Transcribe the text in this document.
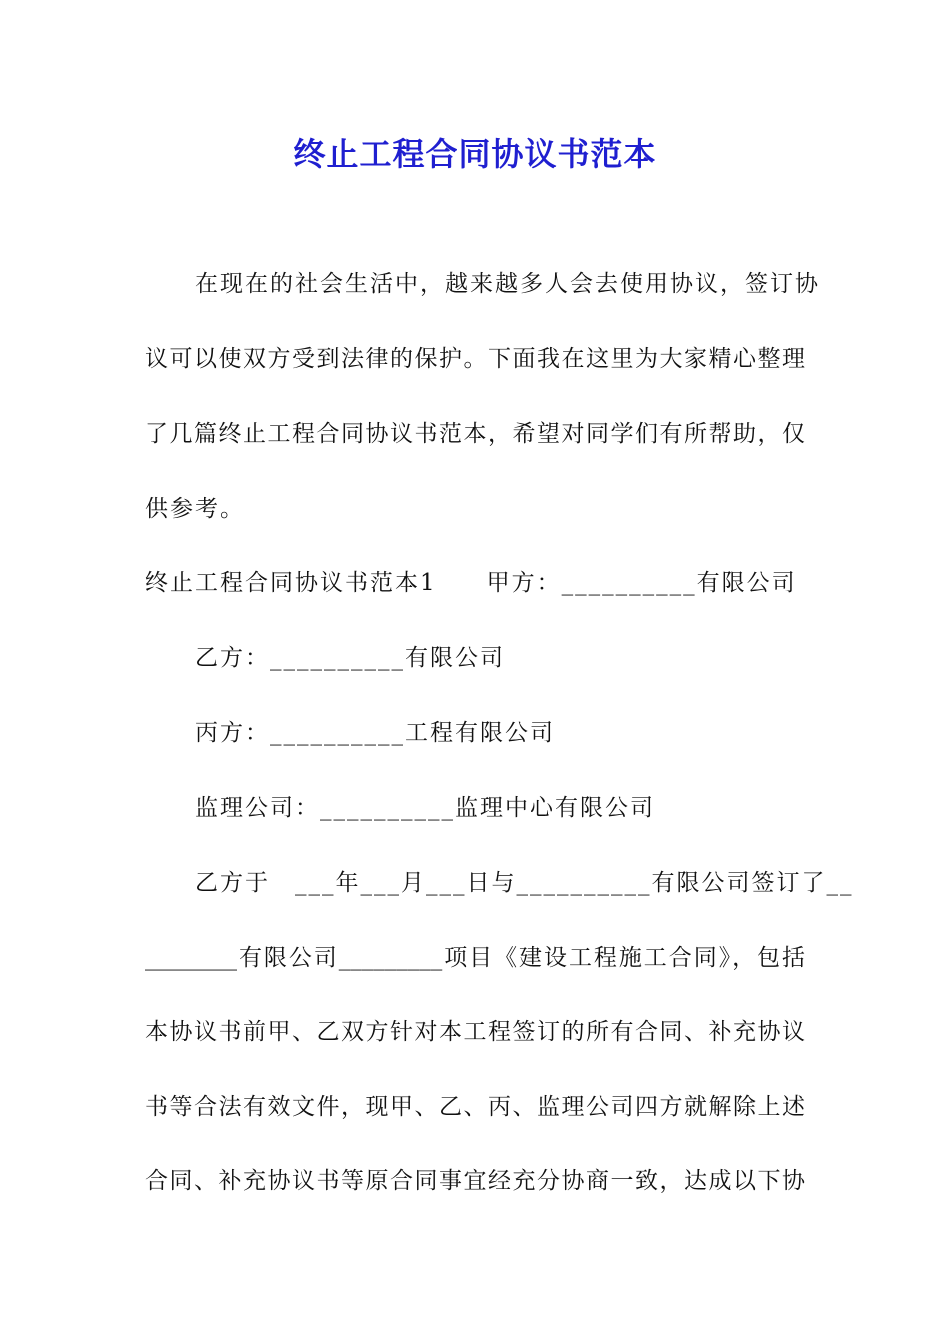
终止工程合同协议书范本
在现在的社会生活中，越来越多人会去使用协议，签订协
议可以使双方受到法律的保护。下面我在这里为大家精心整理
了几篇终止工程合同协议书范本，希望对同学们有所帮助，仅
供参考。
终止工程合同协议书范本1　　甲方：__________有限公司
乙方：__________有限公司
丙方：__________工程有限公司
监理公司：__________监理中心有限公司
乙方于　___年___月___日与__________有限公司签订了__
________有限公司_________项目《建设工程施工合同》，包括
本协议书前甲、乙双方针对本工程签订的所有合同、补充协议
书等合法有效文件，现甲、乙、丙、监理公司四方就解除上述
合同、补充协议书等原合同事宜经充分协商一致，达成以下协
